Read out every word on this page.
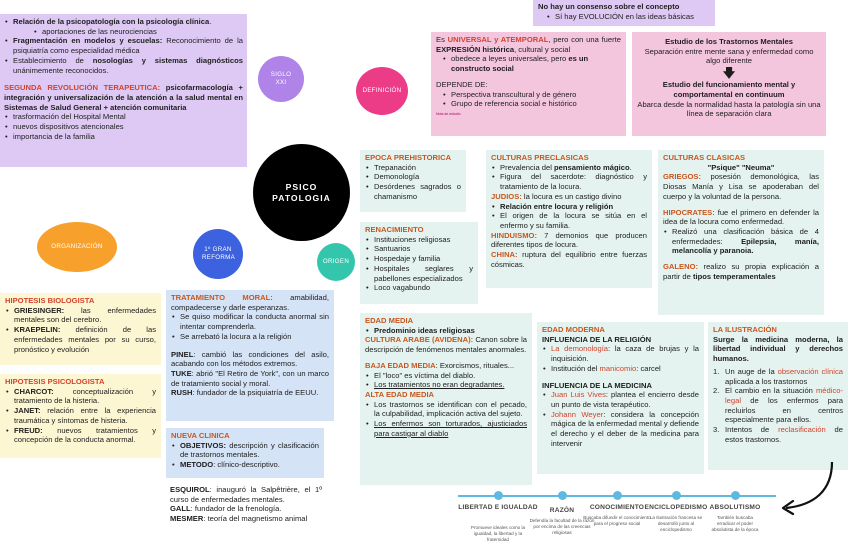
• Relación de la psicopatología con la psicología clínica.
• aportaciones de las neurociencias
• Fragmentación en modelos y escuelas: Reconocimiento de la psiquiatría como especialidad médica
• Establecimiento de nosologías y sistemas diagnósticos unánimemente reconocidos.
SEGUNDA REVOLUCIÓN TERAPEUTICA: psicofarmacología + integración y universalización de la atención a la salud mental en Sistemas de Salud General + atención comunitaria
• trasformación del Hospital Mental
• nuevos dispositivos atencionales
• importancia de la familia
SIGLO XXI
DEFINICIÓN
PSICO
PATOLOGIA
ORGANIZACIÓN	1º GRAN REFORMA
ORIGEN
No hay un consenso sobre el concepto
• Sí hay EVOLUCIÓN en las ideas básicas
Es UNIVERSAL y ATEMPORAL, pero con una fuerte EXPRESIÓN histórica, cultural y social
• obedece a leyes universales, pero es un constructo social
DEPENDE DE:
• Perspectiva transcultural y de género
• Grupo de referencia social e histórico
Nota de estudio
Estudio de los Trastornos Mentales
Separación entre mente sana y enfermedad como algo diferente
🡇
Estudio del funcionamiento mental y comportamental en continuum
Abarca desde la normalidad hasta la patología sin una línea de separación clara
EPOCA PREHISTORICA
• Trepanación
• Demonología
• Desórdenes sagrados o chamanismo
RENACIMIENTO
• Instituciones religiosas
• Santuarios
• Hospedaje y familia
• Hospitales seglares y pabellones especializados
• Loco vagabundo
CULTURAS PRECLASICAS
• Prevalencia del pensamiento mágico.
• Figura del sacerdote: diagnóstico y tratamiento de la locura.
JUDIOS: la locura es un castigo divino
• Relación entre locura y religión
• El origen de la locura se sitúa en el enfermo y su familia.
HINDUISMO: 7 demonios que producen diferentes tipos de locura.
CHINA: ruptura del equilibrio entre fuerzas cósmicas.
CULTURAS CLASICAS
"Psique" "Neuma"
GRIEGOS: posesión demonológica, las Diosas Manía y Lisa se apoderaban del cuerpo y la voluntad de la persona.
HIPOCRATES: fue el primero en defender la idea de la locura como enfermedad.
• Realizó una clasificación básica de 4 enfermedades: Epilepsia, manía, melancolía y paranoia.
GALENO: realizo su propia explicación a partir de tipos temperamentales
EDAD MEDIA
• Predominio ideas religiosas
CULTURA ARABE (AVIDENA): Canon sobre la descripción de fenómenos mentales anormales.
BAJA EDAD MEDIA: Exorcismos, rituales...
• El "loco" es víctima del diablo.
• Los tratamientos no eran degradantes.
ALTA EDAD MEDIA
• Los trastornos se identifican con el pecado, la culpabilidad, implicación activa del sujeto.
• Los enfermos son torturados, ajusticiados para castigar al diablo
EDAD MODERNA
INFLUENCIA DE LA RELIGIÓN
• La demonología: la caza de brujas y la inquisición.
• Institución del manicomio: carcel
INFLUENCIA DE LA MEDICINA
• Juan Luis Vives: plantea el encierro desde un punto de vista terapéutico.
• Johann Weyer: considera la concepción mágica de la enfermedad mental y defiende el derecho y el deber de la medicina para intervenir
LA ILUSTRACIÓN
Surge la medicina moderna, la libertad individual y derechos humanos.
Un auge de la observación clínica aplicada a los trastornos
El cambio en la situación médico-legal de los enfermos para recluirlos en centros especialmente para ellos.
Intentos de reclasificación de estos trastornos.
HIPOTESIS BIOLOGISTA
• GRIESINGER: las enfermedades mentales son del cerebro.
• KRAEPELIN: definición de las enfermedades mentales por su curso, pronóstico y evolución
HIPOTESIS PSICOLOGISTA
• CHARCOT: conceptualización y tratamiento de la histeria.
• JANET: relación entre la experiencia traumática y síntomas de histeria.
• FREUD: nuevos tratamientos y concepción de la conducta anormal.
TRATAMIENTO MORAL: amabilidad, compadecerse y darle esperanzas.
• Se quiso modificar la conducta anormal sin intentar comprenderla.
• Se arrebató la locura a la religión
PINEL: cambió las condiciones del asilo, acabando con los métodos extremos.
TUKE: abrió "El Retiro de York", con un marco de tratamiento social y moral.
RUSH: fundador de la psiquiatría de EEUU.
NUEVA CLINICA
• OBJETIVOS: descripción y clasificación de trastornos mentales.
• METODO: clínico-descriptivo.
ESQUIROL: inauguró la Salpêtrière, el 1º curso de enfermedades mentales.
GALL: fundador de la frenología.
MESMER: teoría del magnetismo animal
LIBERTAD E IGUALDAD
Promueve ideales como la igualdad, la libertad y la fraternidad
RAZÓN
Defendía la facultad de la razón por encima de las creencias religiosas
CONOCIMIENTO
Buscaba difundir el conocimiento para el progreso social
ENCICLOPEDISMO
La Ilustración francesa se desarrolló junto al enciclopedismo
ABSOLUTISMO
También buscaba erradicar el poder absolutista de la época
